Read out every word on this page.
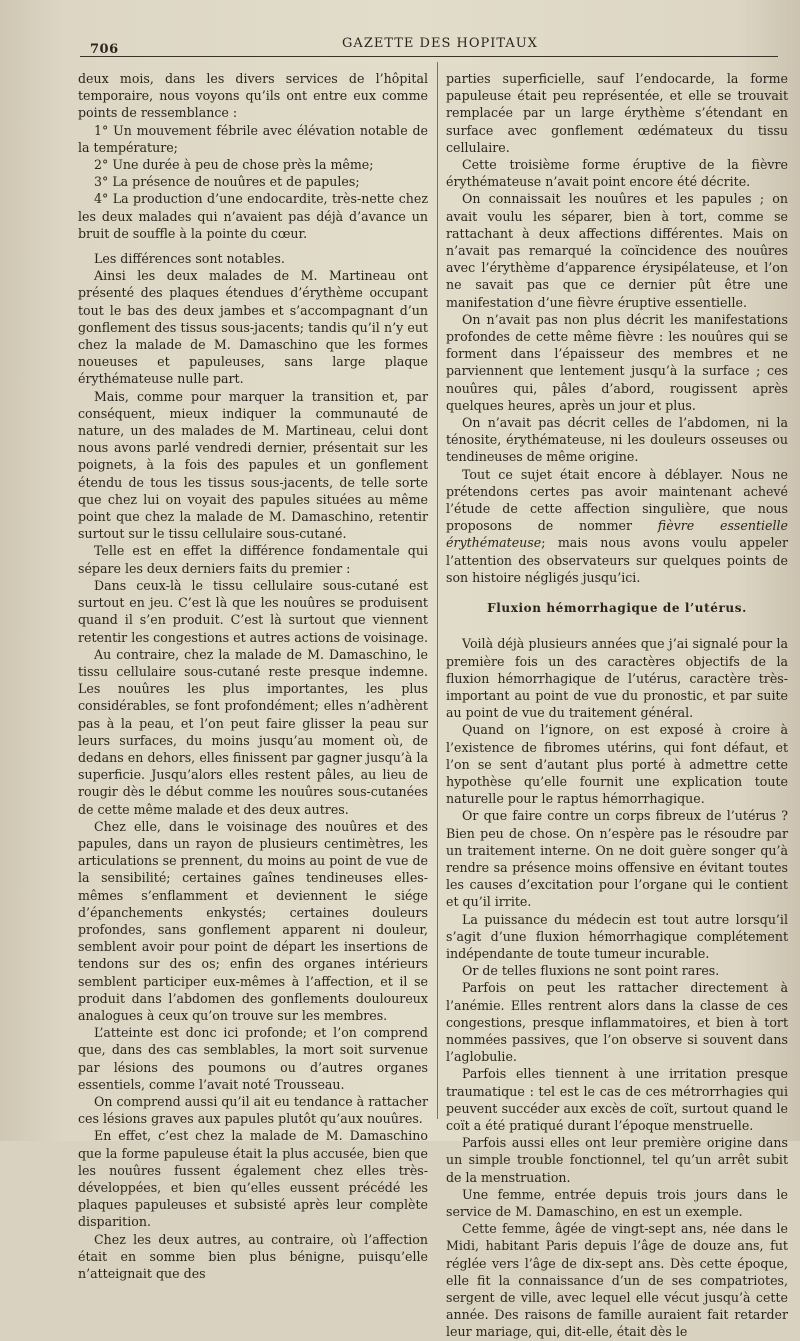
706	GAZETTE DES HOPITAUX

deux mois, dans les divers services de l’hôpital temporaire, nous voyons qu’ils ont entre eux comme points de ressemblance :

1° Un mouvement fébrile avec élévation notable de la température;

2° Une durée à peu de chose près la même;

3° La présence de nouûres et de papules;

4° La production d’une endocardite, très-nette chez les deux malades qui n’avaient pas déjà d’avance un bruit de souffle à la pointe du cœur.

Les différences sont notables.

Ainsi les deux malades de M. Martineau ont présenté des plaques étendues d’érythème occupant tout le bas des deux jambes et s’accompagnant d’un gonflement des tissus sous-jacents; tandis qu’il n’y eut chez la malade de M. Damaschino que les formes noueuses et papuleuses, sans large plaque érythémateuse nulle part.

Mais, comme pour marquer la transition et, par conséquent, mieux indiquer la communauté de nature, un des malades de M. Martineau, celui dont nous avons parlé vendredi dernier, présentait sur les poignets, à la fois des papules et un gonflement étendu de tous les tissus sous-jacents, de telle sorte que chez lui on voyait des papules situées au même point que chez la malade de M. Damaschino, retentir surtout sur le tissu cellulaire sous-cutané.

Telle est en effet la différence fondamentale qui sépare les deux derniers faits du premier :

Dans ceux-là le tissu cellulaire sous-cutané est surtout en jeu. C’est là que les nouûres se produisent quand il s’en produit. C’est là surtout que viennent retentir les congestions et autres actions de voisinage.

Au contraire, chez la malade de M. Damaschino, le tissu cellulaire sous-cutané reste presque indemne. Les nouûres les plus importantes, les plus considérables, se font profondément; elles n’adhèrent pas à la peau, et l’on peut faire glisser la peau sur leurs surfaces, du moins jusqu’au moment où, de dedans en dehors, elles finissent par gagner jusqu’à la superficie. Jusqu’alors elles restent pâles, au lieu de rougir dès le début comme les nouûres sous-cutanées de cette même malade et des deux autres.

Chez elle, dans le voisinage des nouûres et des papules, dans un rayon de plusieurs centimètres, les articulations se prennent, du moins au point de vue de la sensibilité; certaines gaînes tendineuses elles-mêmes s’enflamment et deviennent le siége d’épanchements enkystés; certaines douleurs profondes, sans gonflement apparent ni douleur, semblent avoir pour point de départ les insertions de tendons sur des os; enfin des organes intérieurs semblent participer eux-mêmes à l’affection, et il se produit dans l’abdomen des gonflements douloureux analogues à ceux qu’on trouve sur les membres.

L’atteinte est donc ici profonde; et l’on comprend que, dans des cas semblables, la mort soit survenue par lésions des poumons ou d’autres organes essentiels, comme l’avait noté Trousseau.

On comprend aussi qu’il ait eu tendance à rattacher ces lésions graves aux papules plutôt qu’aux nouûres.

En effet, c’est chez la malade de M. Damaschino que la forme papuleuse était la plus accusée, bien que les nouûres fussent également chez elles très-développées, et bien qu’elles eussent précédé les plaques papuleuses et subsisté après leur complète disparition.

Chez les deux autres, au contraire, où l’affection était en somme bien plus bénigne, puisqu’elle n’atteignait que des

parties superficielle, sauf l’endocarde, la forme papuleuse était peu représentée, et elle se trouvait remplacée par un large érythème s’étendant en surface avec gonflement œdémateux du tissu cellulaire.

Cette troisième forme éruptive de la fièvre érythémateuse n’avait point encore été décrite.

On connaissait les nouûres et les papules ; on avait voulu les séparer, bien à tort, comme se rattachant à deux affections différentes. Mais on n’avait pas remarqué la coïncidence des nouûres avec l’érythème d’apparence érysipélateuse, et l’on ne savait pas que ce dernier pût être une manifestation d’une fièvre éruptive essentielle.

On n’avait pas non plus décrit les manifestations profondes de cette même fièvre : les nouûres qui se forment dans l’épaisseur des membres et ne parviennent que lentement jusqu’à la surface ; ces nouûres qui, pâles d’abord, rougissent après quelques heures, après un jour et plus.

On n’avait pas décrit celles de l’abdomen, ni la ténosite, érythémateuse, ni les douleurs osseuses ou tendineuses de même origine.

Tout ce sujet était encore à déblayer. Nous ne prétendons certes pas avoir maintenant achevé l’étude de cette affection singulière, que nous proposons de nommer fièvre essentielle érythémateuse; mais nous avons voulu appeler l’attention des observateurs sur quelques points de son histoire négligés jusqu’ici.

Fluxion hémorrhagique de l’utérus.

Voilà déjà plusieurs années que j’ai signalé pour la première fois un des caractères objectifs de la fluxion hémorrhagique de l’utérus, caractère très-important au point de vue du pronostic, et par suite au point de vue du traitement général.

Quand on l’ignore, on est exposé à croire à l’existence de fibromes utérins, qui font défaut, et l’on se sent d’autant plus porté à admettre cette hypothèse qu’elle fournit une explication toute naturelle pour le raptus hémorrhagique.

Or que faire contre un corps fibreux de l’utérus ? Bien peu de chose. On n’espère pas le résoudre par un traitement interne. On ne doit guère songer qu’à rendre sa présence moins offensive en évitant toutes les causes d’excitation pour l’organe qui le contient et qu’il irrite.

La puissance du médecin est tout autre lorsqu’il s’agit d’une fluxion hémorrhagique complétement indépendante de toute tumeur incurable.

Or de telles fluxions ne sont point rares.

Parfois on peut les rattacher directement à l’anémie. Elles rentrent alors dans la classe de ces congestions, presque inflammatoires, et bien à tort nommées passives, que l’on observe si souvent dans l’aglobulie.

Parfois elles tiennent à une irritation presque traumatique : tel est le cas de ces métrorrhagies qui peuvent succéder aux excès de coït, surtout quand le coït a été pratiqué durant l’époque menstruelle.

Parfois aussi elles ont leur première origine dans un simple trouble fonctionnel, tel qu’un arrêt subit de la menstruation.

Une femme, entrée depuis trois jours dans le service de M. Damaschino, en est un exemple.

Cette femme, âgée de vingt-sept ans, née dans le Midi, habitant Paris depuis l’âge de douze ans, fut réglée vers l’âge de dix-sept ans. Dès cette époque, elle fit la connaissance d’un de ses compatriotes, sergent de ville, avec lequel elle vécut jusqu’à cette année. Des raisons de famille auraient fait retarder leur mariage, qui, dit-elle, était dès le
